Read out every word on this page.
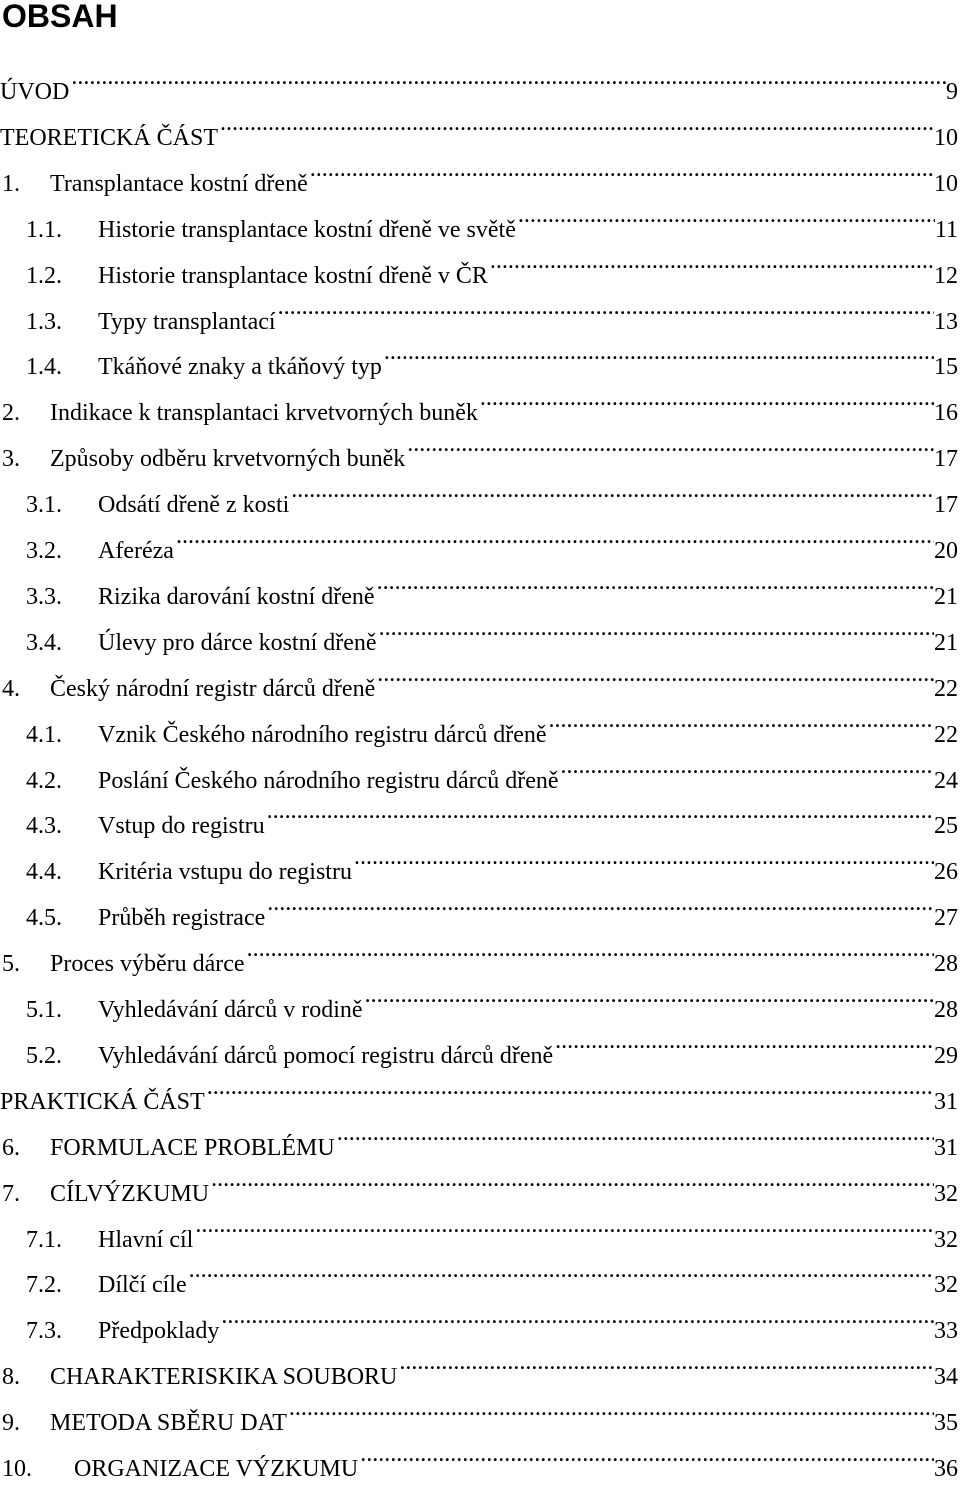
OBSAH
ÚVOD .....	9
TEORETICKÁ ČÁST .....	10
1.	Transplantace kostní dřeně .....	10
1.1.	Historie transplantace kostní dřeně ve světě .....	11
1.2.	Historie transplantace kostní dřeně v ČR .....	12
1.3.	Typy transplantací .....	13
1.4.	Tkáňové znaky a tkáňový typ .....	15
2.	Indikace k transplantaci krvetvorných buněk .....	16
3.	Způsoby odběru krvetvorných buněk .....	17
3.1.	Odsátí dřeně z kosti .....	17
3.2.	Aferéza .....	20
3.3.	Rizika darování kostní dřeně .....	21
3.4.	Úlevy pro dárce kostní dřeně .....	21
4.	Český národní registr dárců dřeně .....	22
4.1.	Vznik Českého národního registru dárců dřeně .....	22
4.2.	Poslání Českého národního registru dárců dřeně .....	24
4.3.	Vstup do registru .....	25
4.4.	Kritéria vstupu do registru .....	26
4.5.	Průběh registrace .....	27
5.	Proces výběru dárce .....	28
5.1.	Vyhledávání dárců v rodině .....	28
5.2.	Vyhledávání dárců pomocí registru dárců dřeně .....	29
PRAKTICKÁ ČÁST .....	31
6.	FORMULACE PROBLÉMU .....	31
7.	CÍLVÝZKUMU .....	32
7.1.	Hlavní cíl .....	32
7.2.	Dílčí cíle .....	32
7.3.	Předpoklady .....	33
8.	CHARAKTERISKIKA SOUBORU .....	34
9.	METODA SBĚRU DAT .....	35
10.	ORGANIZACE VÝZKUMU .....	36
